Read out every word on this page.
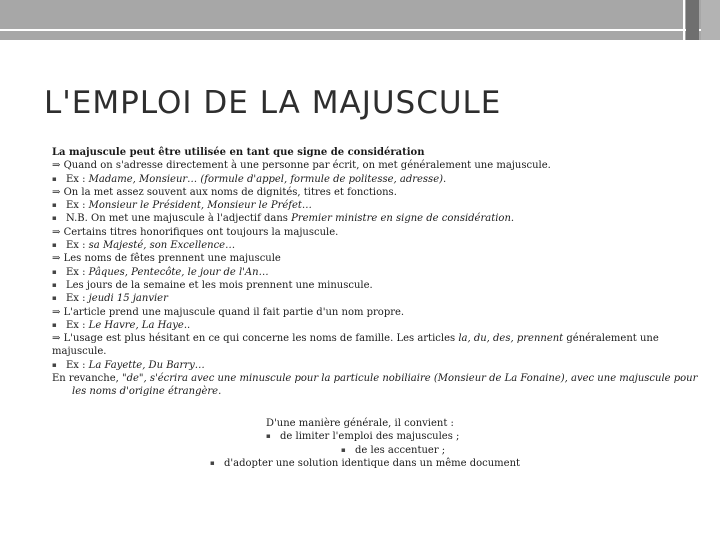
L'EMPLOI DE LA MAJUSCULE
La majuscule peut être utilisée en tant que signe de considération
⇒ Quand on s'adresse directement à une personne par écrit, on met généralement une majuscule.
▪ Ex : Madame, Monsieur… (formule d'appel, formule de politesse, adresse).
⇒ On la met assez souvent aux noms de dignités, titres et fonctions.
▪ Ex : Monsieur le Président, Monsieur le Préfet…
▪ N.B. On met une majuscule à l'adjectif dans Premier ministre en signe de considération.
⇒ Certains titres honorifiques ont toujours la majuscule.
▪ Ex : sa Majesté, son Excellence…
⇒ Les noms de fêtes prennent une majuscule
▪ Ex : Pâques, Pentecôte, le jour de l'An…
▪ Les jours de la semaine et les mois prennent une minuscule.
▪ Ex : jeudi 15 janvier
⇒ L'article prend une majuscule quand il fait partie d'un nom propre.
▪ Ex : Le Havre, La Haye..
⇒ L'usage est plus hésitant en ce qui concerne les noms de famille. Les articles la, du, des, prennent généralement une
majuscule.
▪ Ex : La Fayette, Du Barry…
En revanche, "de", s'écrira avec une minuscule pour la particule nobiliaire (Monsieur de La Fonaine), avec une majuscule pour
les noms d'origine étrangère.
D'une manière générale, il convient :
▪ de limiter l'emploi des majuscules ;
▪ de les accentuer ;
▪ d'adopter une solution identique dans un même document
